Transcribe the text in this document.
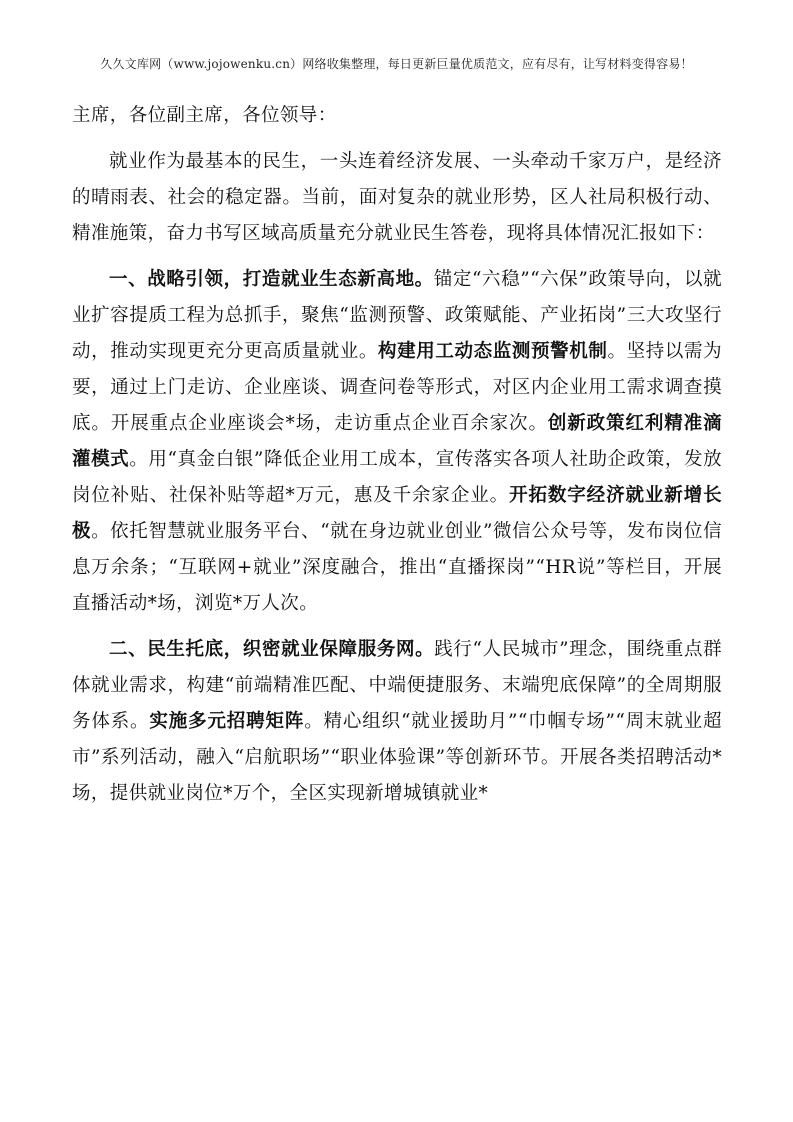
久久文库网（www.jojowenku.cn）网络收集整理，每日更新巨量优质范文，应有尽有，让写材料变得容易！

主席，各位副主席，各位领导：

就业作为最基本的民生，一头连着经济发展、一头牵动千家万户，是经济的晴雨表、社会的稳定器。当前，面对复杂的就业形势，区人社局积极行动、精准施策，奋力书写区域高质量充分就业民生答卷，现将具体情况汇报如下：

一、战略引领，打造就业生态新高地。锚定“六稳”“六保”政策导向，以就业扩容提质工程为总抓手，聚焦“监测预警、政策赋能、产业拓岗”三大攻坚行动，推动实现更充分更高质量就业。构建用工动态监测预警机制。坚持以需为要，通过上门走访、企业座谈、调查问卷等形式，对区内企业用工需求调查摸底。开展重点企业座谈会*场，走访重点企业百余家次。创新政策红利精准滴灌模式。用“真金白银”降低企业用工成本，宣传落实各项人社助企政策，发放岗位补贴、社保补贴等超*万元，惠及千余家企业。开拓数字经济就业新增长极。依托智慧就业服务平台、“就在身边就业创业”微信公众号等，发布岗位信息万余条；“互联网+就业”深度融合，推出“直播探岗”“HR说”等栏目，开展直播活动*场，浏览*万人次。

二、民生托底，织密就业保障服务网。践行“人民城市”理念，围绕重点群体就业需求，构建“前端精准匹配、中端便捷服务、末端兜底保障”的全周期服务体系。实施多元招聘矩阵。精心组织“就业援助月”“巾帼专场”“周末就业超市”系列活动，融入“启航职场”“职业体验课”等创新环节。开展各类招聘活动*场，提供就业岗位*万个，全区实现新增城镇就业*
